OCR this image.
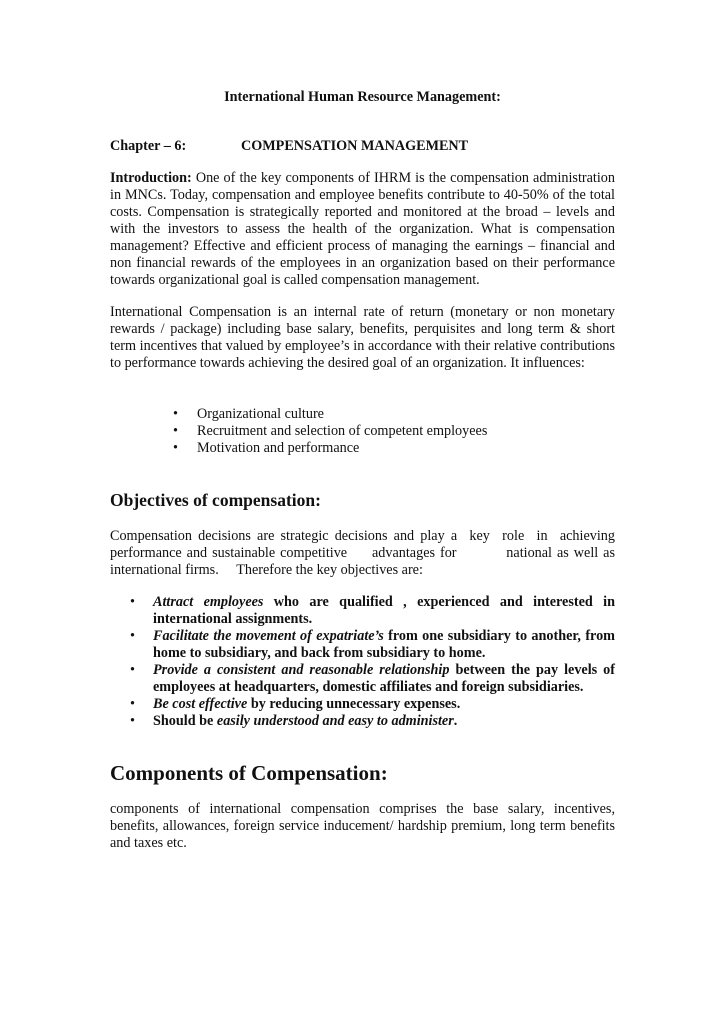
International Human Resource Management:
Chapter – 6:	COMPENSATION MANAGEMENT
Introduction: One of the key components of IHRM is the compensation administration in MNCs. Today, compensation and employee benefits contribute to 40-50% of the total costs. Compensation is strategically reported and monitored at the broad – levels and with the investors to assess the health of the organization. What is compensation management? Effective and efficient process of managing the earnings – financial and non financial rewards of the employees in an organization based on their performance towards organizational goal is called compensation management.
International Compensation is an internal rate of return (monetary or non monetary rewards / package) including base salary, benefits, perquisites and long term & short term incentives that valued by employee’s in accordance with their relative contributions to performance towards achieving the desired goal of an organization. It influences:
• Organizational culture
• Recruitment and selection of competent employees
• Motivation and performance
Objectives of compensation:
Compensation decisions are strategic decisions and play a  key  role  in  achieving performance and sustainable competitive     advantages for          national as well as international firms.     Therefore the key objectives are:
• Attract employees who are qualified , experienced and interested in international assignments.
• Facilitate the movement of expatriate’s from one subsidiary to another, from home to subsidiary, and back from subsidiary to home.
• Provide a consistent and reasonable relationship between the pay levels of employees at headquarters, domestic affiliates and foreign subsidiaries.
• Be cost effective by reducing unnecessary expenses.
• Should be easily understood and easy to administer.
Components of Compensation:
components of international compensation comprises the base salary, incentives, benefits, allowances, foreign service inducement/ hardship premium, long term benefits and taxes etc.
